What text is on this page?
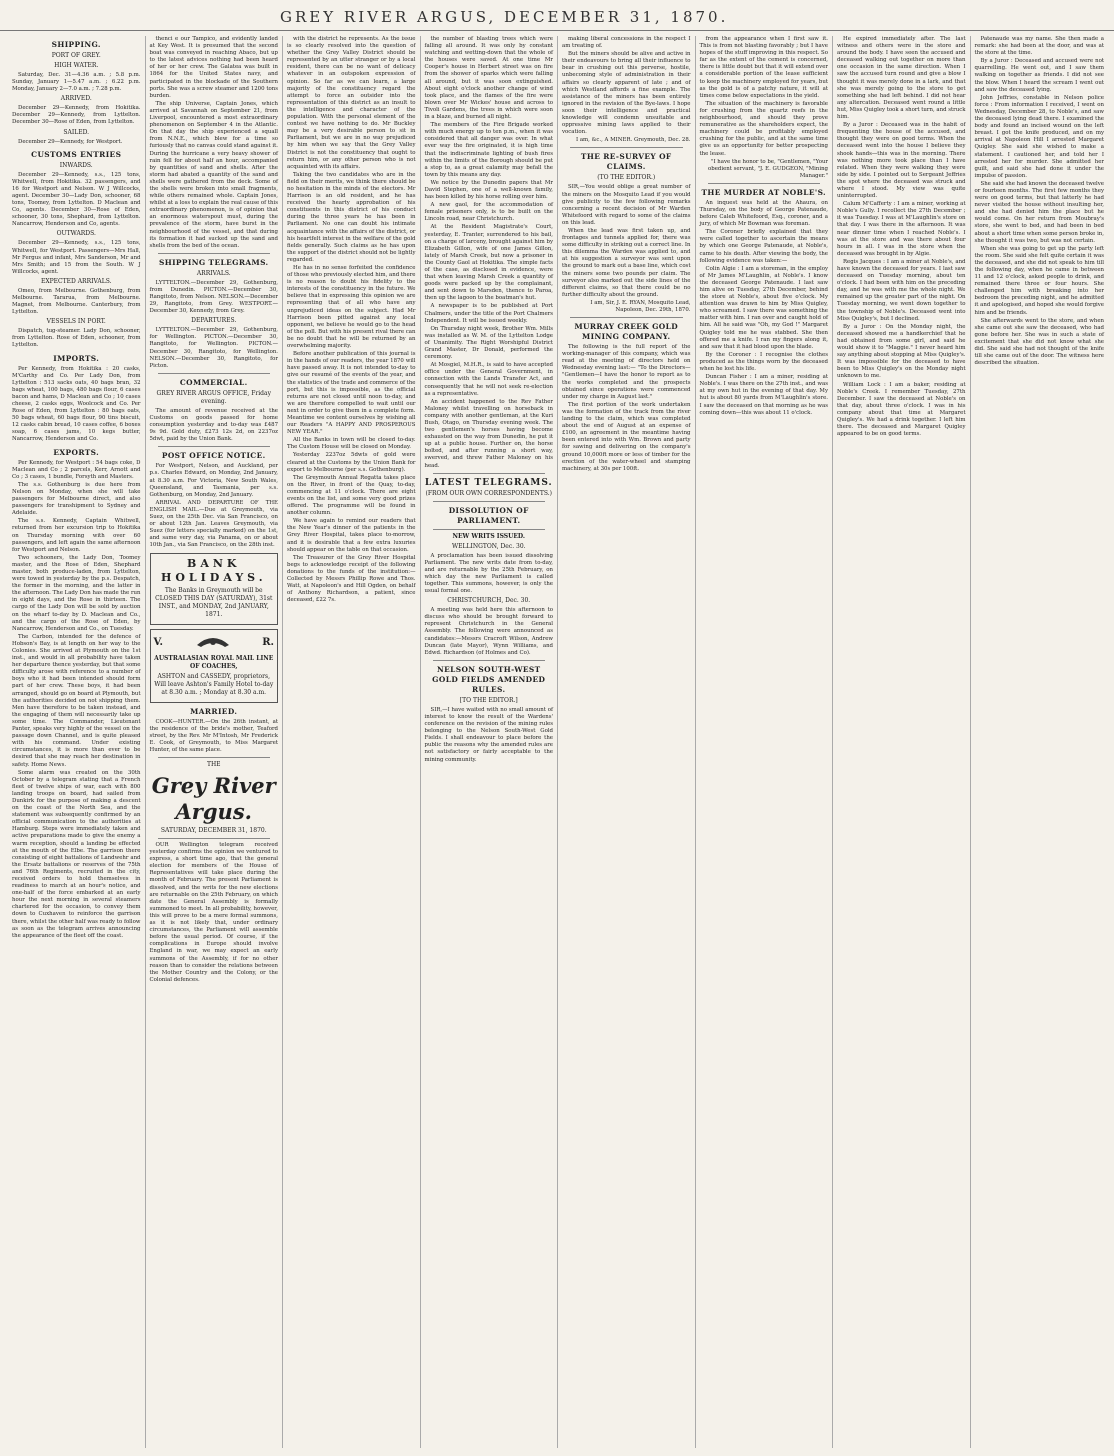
GREY RIVER ARGUS, DECEMBER 31, 1870.
SHIPPING.
PORT OF GREY.
HIGH WATER.
Saturday, Dec. 31—4.36 a.m. ; 5.8 p.m. Sunday, January 1—5.47 a.m. ; 6.22 p.m. Monday, January 2—7.0 a.m. ; 7.28 p.m.
ARRIVED.
December 29—Kennedy, from Hokitika. December 29—Kennedy, from Lyttelton. December 30—Rose of Eden, from Lyttelton.
SAILED.
December 29—Kennedy, for Westport.
CUSTOMS ENTRIES
INWARDS.
December 29—Kennedy, s.s., 125 tons, Whitwell, from Hokitika. 32 passengers, and 16 for Westport and Nelson. W J Willcocks, agent. December 30—Lady Don, schooner, 68 tons, Toomey, from Lyttelton. D Maclean and Co, agents. December 30—Rose of Eden, schooner, 30 tons, Shephard, from Lyttelton. Nancarrow, Henderson and Co, agents.
OUTWARDS.
December 29—Kennedy, s.s., 125 tons, Whitwell, for Westport. Passengers—Mrs Hall, Mr Fergus and infant, Mrs Sanderson, Mr and Mrs Smith; and 15 from the South. W J Willcocks, agent.
EXPECTED ARRIVALS.
Omeo, from Melbourne. Gothenburg, from Melbourne. Tararua, from Melbourne. Magnet, from Melbourne. Canterbury, from Lyttelton.
VESSELS IN PORT.
Dispatch, tug-steamer. Lady Don, schooner, from Lyttelton. Rose of Eden, schooner, from Lyttelton.
IMPORTS.
Per Kennedy, from Hokitika : 20 casks, M'Carthy and Co. Per Lady Don, from Lyttelton : 513 sacks oats, 40 bags bran, 32 bags wheat, 100 bags, 480 bags flour, 6 cases bacon and hams, D Maclean and Co ; 10 cases cheese, 2 casks eggs, Woolcock and Co. Per Rose of Eden, from Lyttelton : 80 bags oats, 50 bags wheat, 60 bags flour, 90 tins biscuit, 12 casks cabin bread, 10 cases coffee, 6 boxes soap, 6 cases jams, 10 kegs butter, Nancarrow, Henderson and Co.
EXPORTS.
Per Kennedy, for Westport : 54 bags coke, D Maclean and Co ; 2 parcels, Kerr, Arnott and Co ; 3 cases, 1 bundle, Forsyth and Masters.
The s.s. Gothenburg is due here from Nelson on Monday, when she will take passengers for Melbourne direct, and also passengers for transhipment to Sydney and Adelaide.
The s.s. Kennedy, Captain Whitwell, returned from her excursion trip to Hokitika on Thursday morning with over 60 passengers, and left again the same afternoon for Westport and Nelson.
Two schooners, the Lady Don, Toomey master, and the Rose of Eden, Shephard master, both produce-laden, from Lyttelton, were towed in yesterday by the p.s. Despatch, the former in the morning, and the latter in the afternoon. The Lady Don has made the run in eight days, and the Rose in thirteen. The cargo of the Lady Don will be sold by auction on the wharf to-day by D. Maclean and Co., and the cargo of the Rose of Eden, by Nancarrow, Henderson and Co., on Tuesday.
The Carbon, intended for the defence of Hobson's Bay, is at length on her way to the Colonies. She arrived at Plymouth on the 1st inst., and would in all probability have taken her departure thence yesterday, but that some difficulty arose with reference to a number of boys who it had been intended should form part of her crew. These boys, it had been arranged, should go on board at Plymouth, but the authorities decided on not shipping them. Men have therefore to be taken instead, and the engaging of them will necessarily take up some time. The Commander, Lieutenant Panter, speaks very highly of the vessel on the passage down Channel, and is quite pleased with his command. Under existing circumstances, it is more than ever to be desired that she may reach her destination in safety. Home News.
Some alarm was created on the 30th October by a telegram stating that a French fleet of twelve ships of war, each with 800 landing troops on board, had sailed from Dunkirk for the purpose of making a descent on the coast of the North Sea, and the statement was subsequently confirmed by an official communication to the authorities at Hamburg. Steps were immediately taken and active preparations made to give the enemy a warm reception, should a landing be effected at the mouth of the Elbe. The garrison there consisting of eight battalions of Landwehr and the Ersatz battalions or reserves of the 75th and 76th Regiments, recruited in the city, received orders to hold themselves in readiness to march at an hour's notice, and one-half of the force embarked at an early hour the next morning in several steamers chartered for the occasion, to convey them down to Cuxhaven to reinforce the garrison there, whilst the other half was ready to follow as soon as the telegram arrives announcing the appearance of the fleet off the coast.
thenci e our Tampico, and evidently landed at Key West. It is presumed that the second boat was conveyed in reaching Abaco, but up to the latest advices nothing had been heard of her or her crew. The Galatea was built in 1864 for the United States navy, and participated in the blockade of the Southern ports. She was a screw steamer and 1200 tons burden.
The ship Universe, Captain Jones, which arrived at Savannah on September 21, from Liverpool, encountered a most extraordinary phenomenon on September 4 in the Atlantic. On that day the ship experienced a squall from N.N.E., which blew for a time so furiously that no canvas could stand against it. During the hurricane a very heavy shower of rain fell for about half an hour, accompanied by quantities of sand and shells. After the storm had abated a quantity of the sand and shells were gathered from the deck. Some of the shells were broken into small fragments, while others remained whole. Captain Jones, whilst at a loss to explain the real cause of this extraordinary phenomenon, is of opinion that an enormous waterspout must, during the prevalence of the storm, have burst in the neighbourhood of the vessel, and that during its formation it had sucked up the sand and shells from the bed of the ocean.
SHIPPING TELEGRAMS.
ARRIVALS.
LYTTELTON.—December 29, Gothenburg, from Dunedin. PICTON.—December 30, Rangitoto, from Nelson. NELSON.—December 29, Rangitoto, from Grey. WESTPORT.—December 30, Kennedy, from Grey.
DEPARTURES.
LYTTELTON.—December 29, Gothenburg, for Wellington. PICTON.—December 30, Rangitoto, for Wellington. PICTON.—December 30, Rangitoto, for Wellington. NELSON.—December 30, Rangitoto, for Picton.
COMMERCIAL.
GREY RIVER ARGUS OFFICE, Friday evening.
The amount of revenue received at the Customs on goods passed for home consumption yesterday and to-day was £487 9s 9d. Gold duty, £273 12s 2d, on 2237oz 5dwt, paid by the Union Bank.
POST OFFICE NOTICE.
For Westport, Nelson, and Auckland, per p.s. Charles Edward, on Monday, 2nd January, at 8.30 a.m. For Victoria, New South Wales, Queensland, and Tasmania, per s.s. Gothenburg, on Monday, 2nd January.
ARRIVAL AND DEPARTURE OF THE ENGLISH MAIL.—Due at Greymouth, via Suez, on the 25th Dec. via San Francisco, on or about 12th Jan. Leaves Greymouth, via Suez (for letters specially marked) on the 1st, and same very day, via Panama, on or about 10th Jan., via San Francisco, on the 28th inst.
BANK HOLIDAYS.
The Banks in Greymouth will be CLOSED THIS DAY (SATURDAY), 31st INST., and MONDAY, 2nd JANUARY, 1871.
V.	R.
AUSTRALASIAN ROYAL MAIL LINE OF COACHES,
ASHTON and CASSEDY, proprietors, Will leave Ashton's Family Hotel to-day at 8.30 a.m. ; Monday at 8.30 a.m.
MARRIED.
COOK—HUNTER.—On the 26th instant, at the residence of the bride's mother, Teaford street, by the Rev. Mr M'Intosh, Mr Frederick E. Cook, of Greymouth, to Miss Margaret Hunter, of the same place.
THE
Grey River Argus.
SATURDAY, DECEMBER 31, 1870.
OUR Wellington telegram received yesterday confirms the opinion we ventured to express, a short time ago, that the general election for members of the House of Representatives will take place during the month of February. The present Parliament is dissolved, and the writs for the new elections are returnable on the 25th February, on which date the General Assembly is formally summoned to meet. In all probability, however, this will prove to be a mere formal summons, as it is not likely that, under ordinary circumstances, the Parliament will assemble before the usual period. Of course, if the complications in Europe should involve England in war, we may expect an early summons of the Assembly, if for no other reason than to consider the relations between the Mother Country and the Colony, or the Colonial defences.
with the district he represents. As the issue is so clearly resolved into the question of whether the Grey Valley District should be represented by an utter stranger or by a local resident, there can be no want of delicacy whatever in an outspoken expression of opinion. So far as we can learn, a large majority of the constituency regard the attempt to force an outsider into the representation of this district as an insult to the intelligence and character of the population. With the personal element of the contest we have nothing to do. Mr Buckley may be a very desirable person to sit in Parliament, but we are in no way prejudiced by him when we say that the Grey Valley District is not the constituency that ought to return him, or any other person who is not acquainted with its affairs.
Taking the two candidates who are in the field on their merits, we think there should be no hesitation in the minds of the electors. Mr Harrison is an old resident, and he has received the hearty approbation of his constituents in this district of his conduct during the three years he has been in Parliament. No one can doubt his intimate acquaintance with the affairs of the district, or his heartfelt interest in the welfare of the gold fields generally. Such claims as he has upon the support of the district should not be lightly regarded.
He has in no sense forfeited the confidence of those who previously elected him, and there is no reason to doubt his fidelity to the interests of the constituency in the future. We believe that in expressing this opinion we are representing that of all who have any unprejudiced ideas on the subject. Had Mr Harrison been pitted against any local opponent, we believe he would go to the head of the poll. But with his present rival there can be no doubt that he will be returned by an overwhelming majority.
Before another publication of this journal is in the hands of our readers, the year 1870 will have passed away. It is not intended to-day to give our resumé of the events of the year, and the statistics of the trade and commerce of the port, but this is impossible, as the official returns are not closed until noon to-day, and we are therefore compelled to wait until our next in order to give them in a complete form. Meantime we content ourselves by wishing all our Readers "A HAPPY AND PROSPEROUS NEW YEAR."
All the Banks in town will be closed to-day. The Custom House will be closed on Monday.
Yesterday 2237oz 5dwts of gold were cleared at the Customs by the Union Bank for export to Melbourne (per s.s. Gothenburg).
The Greymouth Annual Regatta takes place on the River, in front of the Quay, to-day, commencing at 11 o'clock. There are eight events on the list, and some very good prizes offered. The programme will be found in another column.
We have again to remind our readers that the New Year's dinner of the patients in the Grey River Hospital, takes place to-morrow, and it is desirable that a few extra luxuries should appear on the table on that occasion.
The Treasurer of the Grey River Hospital begs to acknowledge receipt of the following donations to the funds of the institution:— Collected by Messrs Phillip Rowe and Thos. Watt, at Napoleon's and Hill Ogden, on behalf of Anthony Richardson, a patient, since deceased, £22 7s.
the number of blasting trees which were falling all around. It was only by constant watching and wetting-down that the whole of the houses were saved. At one time Mr Cooper's house in Herbert street was on fire from the shower of sparks which were falling all around, but it was soon extinguished. About eight o'clock another change of wind took place, and the flames of the fire were blown over Mr Wickes' house and across to Tivoli Gardens, the trees in which were soon in a blaze, and burned all night.
The members of the Fire Brigade worked with much energy up to ten p.m., when it was considered that all danger was over. In what ever way the fire originated, it is high time that the indiscriminate lighting of bush fires within the limits of the Borough should be put a stop to, as a great calamity may befall the town by this means any day.
We notice by the Dunedin papers that Mr David Stephen, one of a well-known family, has been killed by his horse rolling over him.
A new gaol, for the accommodation of female prisoners only, is to be built on the Lincoln road, near Christchurch.
At the Resident Magistrate's Court, yesterday, E. Tranter, surrendered to his bail, on a charge of larceny, brought against him by Elizabeth Gillon, wife of one James Gillon, lately of Marsh Creek, but now a prisoner in the County Gaol at Hokitika. The simple facts of the case, as disclosed in evidence, were that when leaving Marsh Creek a quantity of goods were packed up by the complainant, and sent down to Marsden, thence to Paroa, then up the lagoon to the boatman's hut.
A newspaper is to be published at Port Chalmers, under the title of the Port Chalmers Independent. It will be issued weekly.
On Thursday night week, Brother Wm. Mills was installed as W. M. of the Lyttelton Lodge of Unanimity. The Right Worshipful District Grand Master, Dr Donald, performed the ceremony.
At Mosgiel, M.H.R., is said to have accepted office under the General Government, in connection with the Lands Transfer Act, and consequently that he will not seek re-election as a representative.
An accident happened to the Rev Father Maloney whilst travelling on horseback in company with another gentleman, at the Kuri Bush, Otago, on Thursday evening week. The two gentlemen's horses having become exhausted on the way from Dunedin, he put it up at a public house. Further on, the horse bolted, and after running a short way, swerved, and threw Father Maloney on his head.
LATEST TELEGRAMS.
(FROM OUR OWN CORRESPONDENTS.)
DISSOLUTION OF PARLIAMENT.
NEW WRITS ISSUED.
WELLINGTON, Dec. 30.
A proclamation has been issued dissolving Parliament. The new writs date from to-day, and are returnable by the 25th February, on which day the new Parliament is called together. This summons, however, is only the usual formal one.
CHRISTCHURCH, Dec. 30.
A meeting was held here this afternoon to discuss who should be brought forward to represent Christchurch in the General Assembly. The following were announced as candidates:—Messrs Cracroft Wilson, Andrew Duncan (late Mayor), Wynn Williams, and Edwd. Richardson (of Holmes and Co).
NELSON SOUTH-WEST GOLD FIELDS AMENDED RULES.
[TO THE EDITOR.]
SIR,—I have waited with no small amount of interest to know the result of the Wardens' conference on the revision of the mining rules belonging to the Nelson South-West Gold Fields. I shall endeavour to place before the public the reasons why the amended rules are not satisfactory or fairly acceptable to the mining community.
making liberal concessions in the respect I am treating of.
But the miners should be alive and active in their endeavours to bring all their influence to bear in crushing out this perverse, hostile, unbecoming style of administration in their affairs so clearly apparent of late ; and of which Westland affords a fine example. The assistance of the miners has been entirely ignored in the revision of the Bye-laws. I hope soon their intelligence and practical knowledge will condemn unsuitable and oppressive mining laws applied to their vocation.
I am, &c., A MINER. Greymouth, Dec. 28.
THE RE-SURVEY OF CLAIMS.
(TO THE EDITOR.)
SIR,—You would oblige a great number of the miners on the Mosquito Lead if you would give publicity to the few following remarks concerning a recent decision of Mr Warden Whitefoord with regard to some of the claims on this lead.
When the lead was first taken up, and frontages and tunnels applied for, there was some difficulty in striking out a correct line. In this dilemma the Warden was applied to, and at his suggestion a surveyor was sent upon the ground to mark out a base line, which cost the miners some two pounds per claim. The surveyor also marked out the side lines of the different claims, so that there could be no further difficulty about the ground.
I am, Sir, J. E. RYAN, Mosquito Lead, Napoleon, Dec. 29th, 1870.
MURRAY CREEK GOLD MINING COMPANY.
The following is the full report of the working-manager of this company, which was read at the meeting of directors held on Wednesday evening last:— "To the Directors— "Gentlemen—I have the honor to report as to the works completed and the prospects obtained since operations were commenced under my charge in August last."
The first portion of the work undertaken was the formation of the track from the river landing to the claim, which was completed about the end of August at an expense of £100, an agreement in the meantime having been entered into with Wm. Brown and party for sawing and delivering on the company's ground 10,000ft more or less of timber for the erection of the water-wheel and stamping machinery, at 30s per 100ft.
from the appearance when I first saw it. This is from not blasting favorably ; but I have hopes of the stuff improving in this respect. So far as the extent of the cement is concerned, there is little doubt but that it will extend over a considerable portion of the lease sufficient to keep the machinery employed for years, but as the gold is of a patchy nature, it will at times come below expectations in the yield.
The situation of the machinery is favorable for crushing from the quartz reefs in the neighbourhood, and should they prove remunerative as the shareholders expect, the machinery could be profitably employed crushing for the public, and at the same time give us an opportunity for better prospecting the lease.
"I have the honor to be, "Gentlemen, "Your obedient servant, "J. E. GUDGEON, "Mining Manager."
THE MURDER AT NOBLE'S.
An inquest was held at the Ahaura, on Thursday, on the body of George Patenaude, before Caleb Whitefoord, Esq., coroner, and a jury, of which Mr Bowman was foreman.
The Coroner briefly explained that they were called together to ascertain the means by which one George Patenaude, at Noble's, came to his death. After viewing the body, the following evidence was taken:—
Colin Algie : I am a storeman, in the employ of Mr James M'Laughlin, at Noble's. I know the deceased George Patenaude. I last saw him alive on Tuesday, 27th December, behind the store at Noble's, about five o'clock. My attention was drawn to him by Miss Quigley, who screamed. I saw there was something the matter with him. I ran over and caught hold of him. All he said was "Oh, my God !" Margaret Quigley told me he was stabbed. She then offered me a knife. I ran my fingers along it, and saw that it had blood upon the blade.
By the Coroner : I recognise the clothes produced as the things worn by the deceased when he lost his life.
Duncan Fisher : I am a miner, residing at Noble's. I was there on the 27th inst., and was at my own hut in the evening of that day. My hut is about 80 yards from M'Laughlin's store. I saw the deceased on that morning as he was coming down—this was about 11 o'clock.
He expired immediately after. The last witness and others were in the store and around the body. I have seen the accused and deceased walking out together on more than one occasion in the same direction. When I saw the accused turn round and give a blow I thought it was merely done in a lark, and that she was merely going to the store to get something she had left behind. I did not hear any altercation. Deceased went round a little hut, Miss Quigley took a short turn, and struck him.
By a Juror : Deceased was in the habit of frequenting the house of the accused, and thought they were on good terms. When the deceased went into the house I believe they shook hands—this was in the morning. There was nothing more took place than I have related. When they were walking they were side by side. I pointed out to Sergeant Jeffries the spot where the deceased was struck and where I stood. My view was quite uninterrupted.
Calum M'Cafferty : I am a miner, working at Noble's Gully. I recollect the 27th December ; it was Tuesday. I was at M'Laughlin's store on that day. I was there in the afternoon. It was near dinner time when I reached Noble's. I was at the store and was there about four hours in all. I was in the store when the deceased was brought in by Algie.
Regis Jacques : I am a miner at Noble's, and have known the deceased for years. I last saw deceased on Tuesday morning, about ten o'clock. I had been with him on the preceding day, and he was with me the whole night. We remained up the greater part of the night. On Tuesday morning, we went down together to the township of Noble's. Deceased went into Miss Quigley's, but I declined.
By a Juror : On the Monday night, the deceased showed me a handkerchief that he had obtained from some girl, and said he would show it to "Maggie." I never heard him say anything about stopping at Miss Quigley's. It was impossible for the deceased to have been to Miss Quigley's on the Monday night unknown to me.
William Lock : I am a baker, residing at Noble's Creek. I remember Tuesday, 27th December. I saw the deceased at Noble's on that day, about three o'clock. I was in his company about that time at Margaret Quigley's. We had a drink together. I left him there. The deceased and Margaret Quigley appeared to be on good terms.
Patenaude was my name. She then made a remark: she had been at the door, and was at the store at the time.
By a Juror : Deceased and accused were not quarrelling. He went out, and I saw them walking on together as friends. I did not see the blow. When I heard the scream I went out and saw the deceased lying.
John Jeffries, constable in Nelson police force : From information I received, I went on Wednesday, December 28, to Noble's, and saw the deceased lying dead there. I examined the body and found an incised wound on the left breast. I got the knife produced, and on my arrival at Napoleon Hill I arrested Margaret Quigley. She said she wished to make a statement. I cautioned her, and told her I arrested her for murder. She admitted her guilt, and said she had done it under the impulse of passion.
She said she had known the deceased twelve or fourteen months. The first few months they were on good terms, but that latterly he had never visited the house without insulting her, and she had denied him the place but he would come. On her return from Moubray's store, she went to bed, and had been in bed about a short time when some person broke in, she thought it was two, but was not certain.
When she was going to get up the party left the room. She said she felt quite certain it was the deceased, and she did not speak to him till the following day, when he came in between 11 and 12 o'clock, asked people to drink, and remained there three or four hours. She challenged him with breaking into her bedroom the preceding night, and he admitted it and apologised, and hoped she would forgive him and be friends.
She afterwards went to the store, and when she came out she saw the deceased, who had gone before her. She was in such a state of excitement that she did not know what she did. She said she had not thought of the knife till she came out of the door. The witness here described the situation.
